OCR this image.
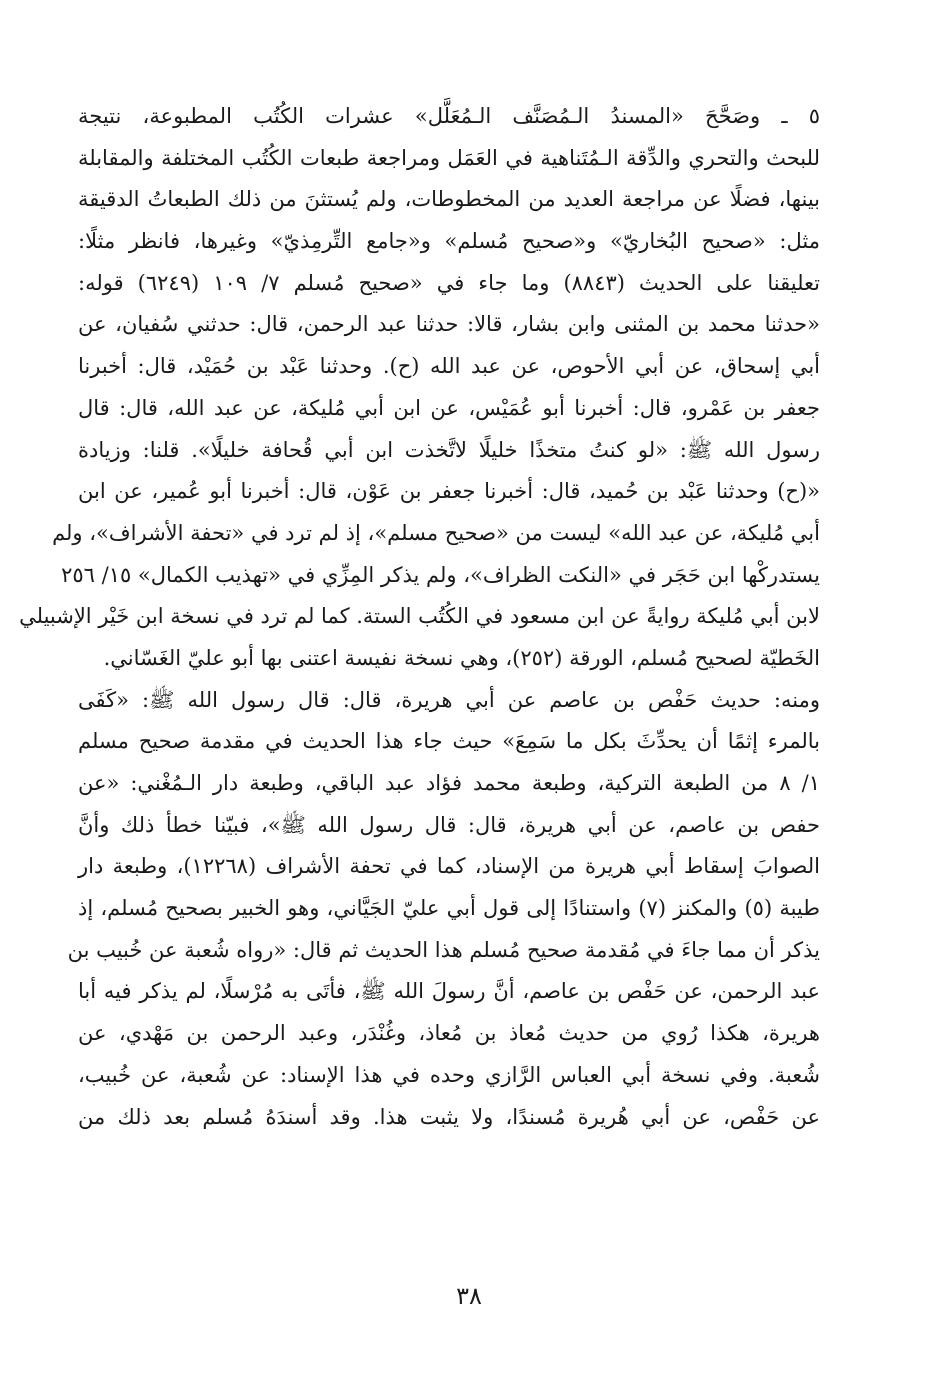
٥ ـ وصَحَّحَ «المسندُ الـمُصَنَّف الـمُعَلَّل» عشرات الكُتُب المطبوعة، نتيجة
للبحث والتحري والدِّقة الـمُتَناهية في العَمَل ومراجعة طبعات الكُتُب المختلفة والمقابلة
بينها، فضلًا عن مراجعة العديد من المخطوطات، ولم يُستثنَ من ذلك الطبعاتُ الدقيقة
مثل: «صحيح البُخاريّ» و«صحيح مُسلم» و«جامع التِّرمِذيّ» وغيرها، فانظر مثلًا:
تعليقنا على الحديث (٨٨٤٣) وما جاء في «صحيح مُسلم ٧/ ١٠٩ (٦٢٤٩) قوله:
«حدثنا محمد بن المثنى وابن بشار، قالا: حدثنا عبد الرحمن، قال: حدثني سُفيان، عن
أبي إسحاق، عن أبي الأحوص، عن عبد الله (ح). وحدثنا عَبْد بن حُمَيْد، قال: أخبرنا
جعفر بن عَمْرو، قال: أخبرنا أبو عُمَيْس، عن ابن أبي مُليكة، عن عبد الله، قال: قال
رسول الله ﷺ: «لو كنتُ متخذًا خليلًا لاتَّخذت ابن أبي قُحافة خليلًا». قلنا: وزيادة
«(ح) وحدثنا عَبْد بن حُميد، قال: أخبرنا جعفر بن عَوْن، قال: أخبرنا أبو عُمير، عن ابن
أبي مُليكة، عن عبد الله» ليست من «صحيح مسلم»، إذ لم ترد في «تحفة الأشراف»، ولم
يستدركْها ابن حَجَر في «النكت الظراف»، ولم يذكر المِزِّي في «تهذيب الكمال» ١٥/ ٢٥٦
لابن أبي مُليكة روايةً عن ابن مسعود في الكُتُب الستة. كما لم ترد في نسخة ابن خَيْر الإشبيلي
الخَطيّة لصحيح مُسلم، الورقة (٢٥٢)، وهي نسخة نفيسة اعتنى بها أبو عليّ الغَسّاني.
ومنه: حديث حَفْص بن عاصم عن أبي هريرة، قال: قال رسول الله ﷺ: «كَفَى
بالمرء إثمًا أن يحدِّثَ بكل ما سَمِعَ» حيث جاء هذا الحديث في مقدمة صحيح مسلم
١/ ٨ من الطبعة التركية، وطبعة محمد فؤاد عبد الباقي، وطبعة دار الـمُغْني: «عن
حفص بن عاصم، عن أبي هريرة، قال: قال رسول الله ﷺ»، فبيّنا خطأ ذلك وأنَّ
الصوابَ إسقاط أبي هريرة من الإسناد، كما في تحفة الأشراف (١٢٢٦٨)، وطبعة دار
طيبة (٥) والمكنز (٧) واستنادًا إلى قول أبي عليّ الجَيَّاني، وهو الخبير بصحيح مُسلم، إذ
يذكر أن مما جاءَ في مُقدمة صحيح مُسلم هذا الحديث ثم قال: «رواه شُعبة عن خُبيب بن
عبد الرحمن، عن حَفْص بن عاصم، أنَّ رسولَ الله ﷺ، فأتَى به مُرْسلًا، لم يذكر فيه أبا
هريرة، هكذا رُوي من حديث مُعاذ بن مُعاذ، وغُنْدَر، وعبد الرحمن بن مَهْدي، عن
شُعبة. وفي نسخة أبي العباس الرَّازي وحده في هذا الإسناد: عن شُعبة، عن خُبيب،
عن حَفْص، عن أبي هُريرة مُسندًا، ولا يثبت هذا. وقد أسندَهُ مُسلم بعد ذلك من
٣٨
